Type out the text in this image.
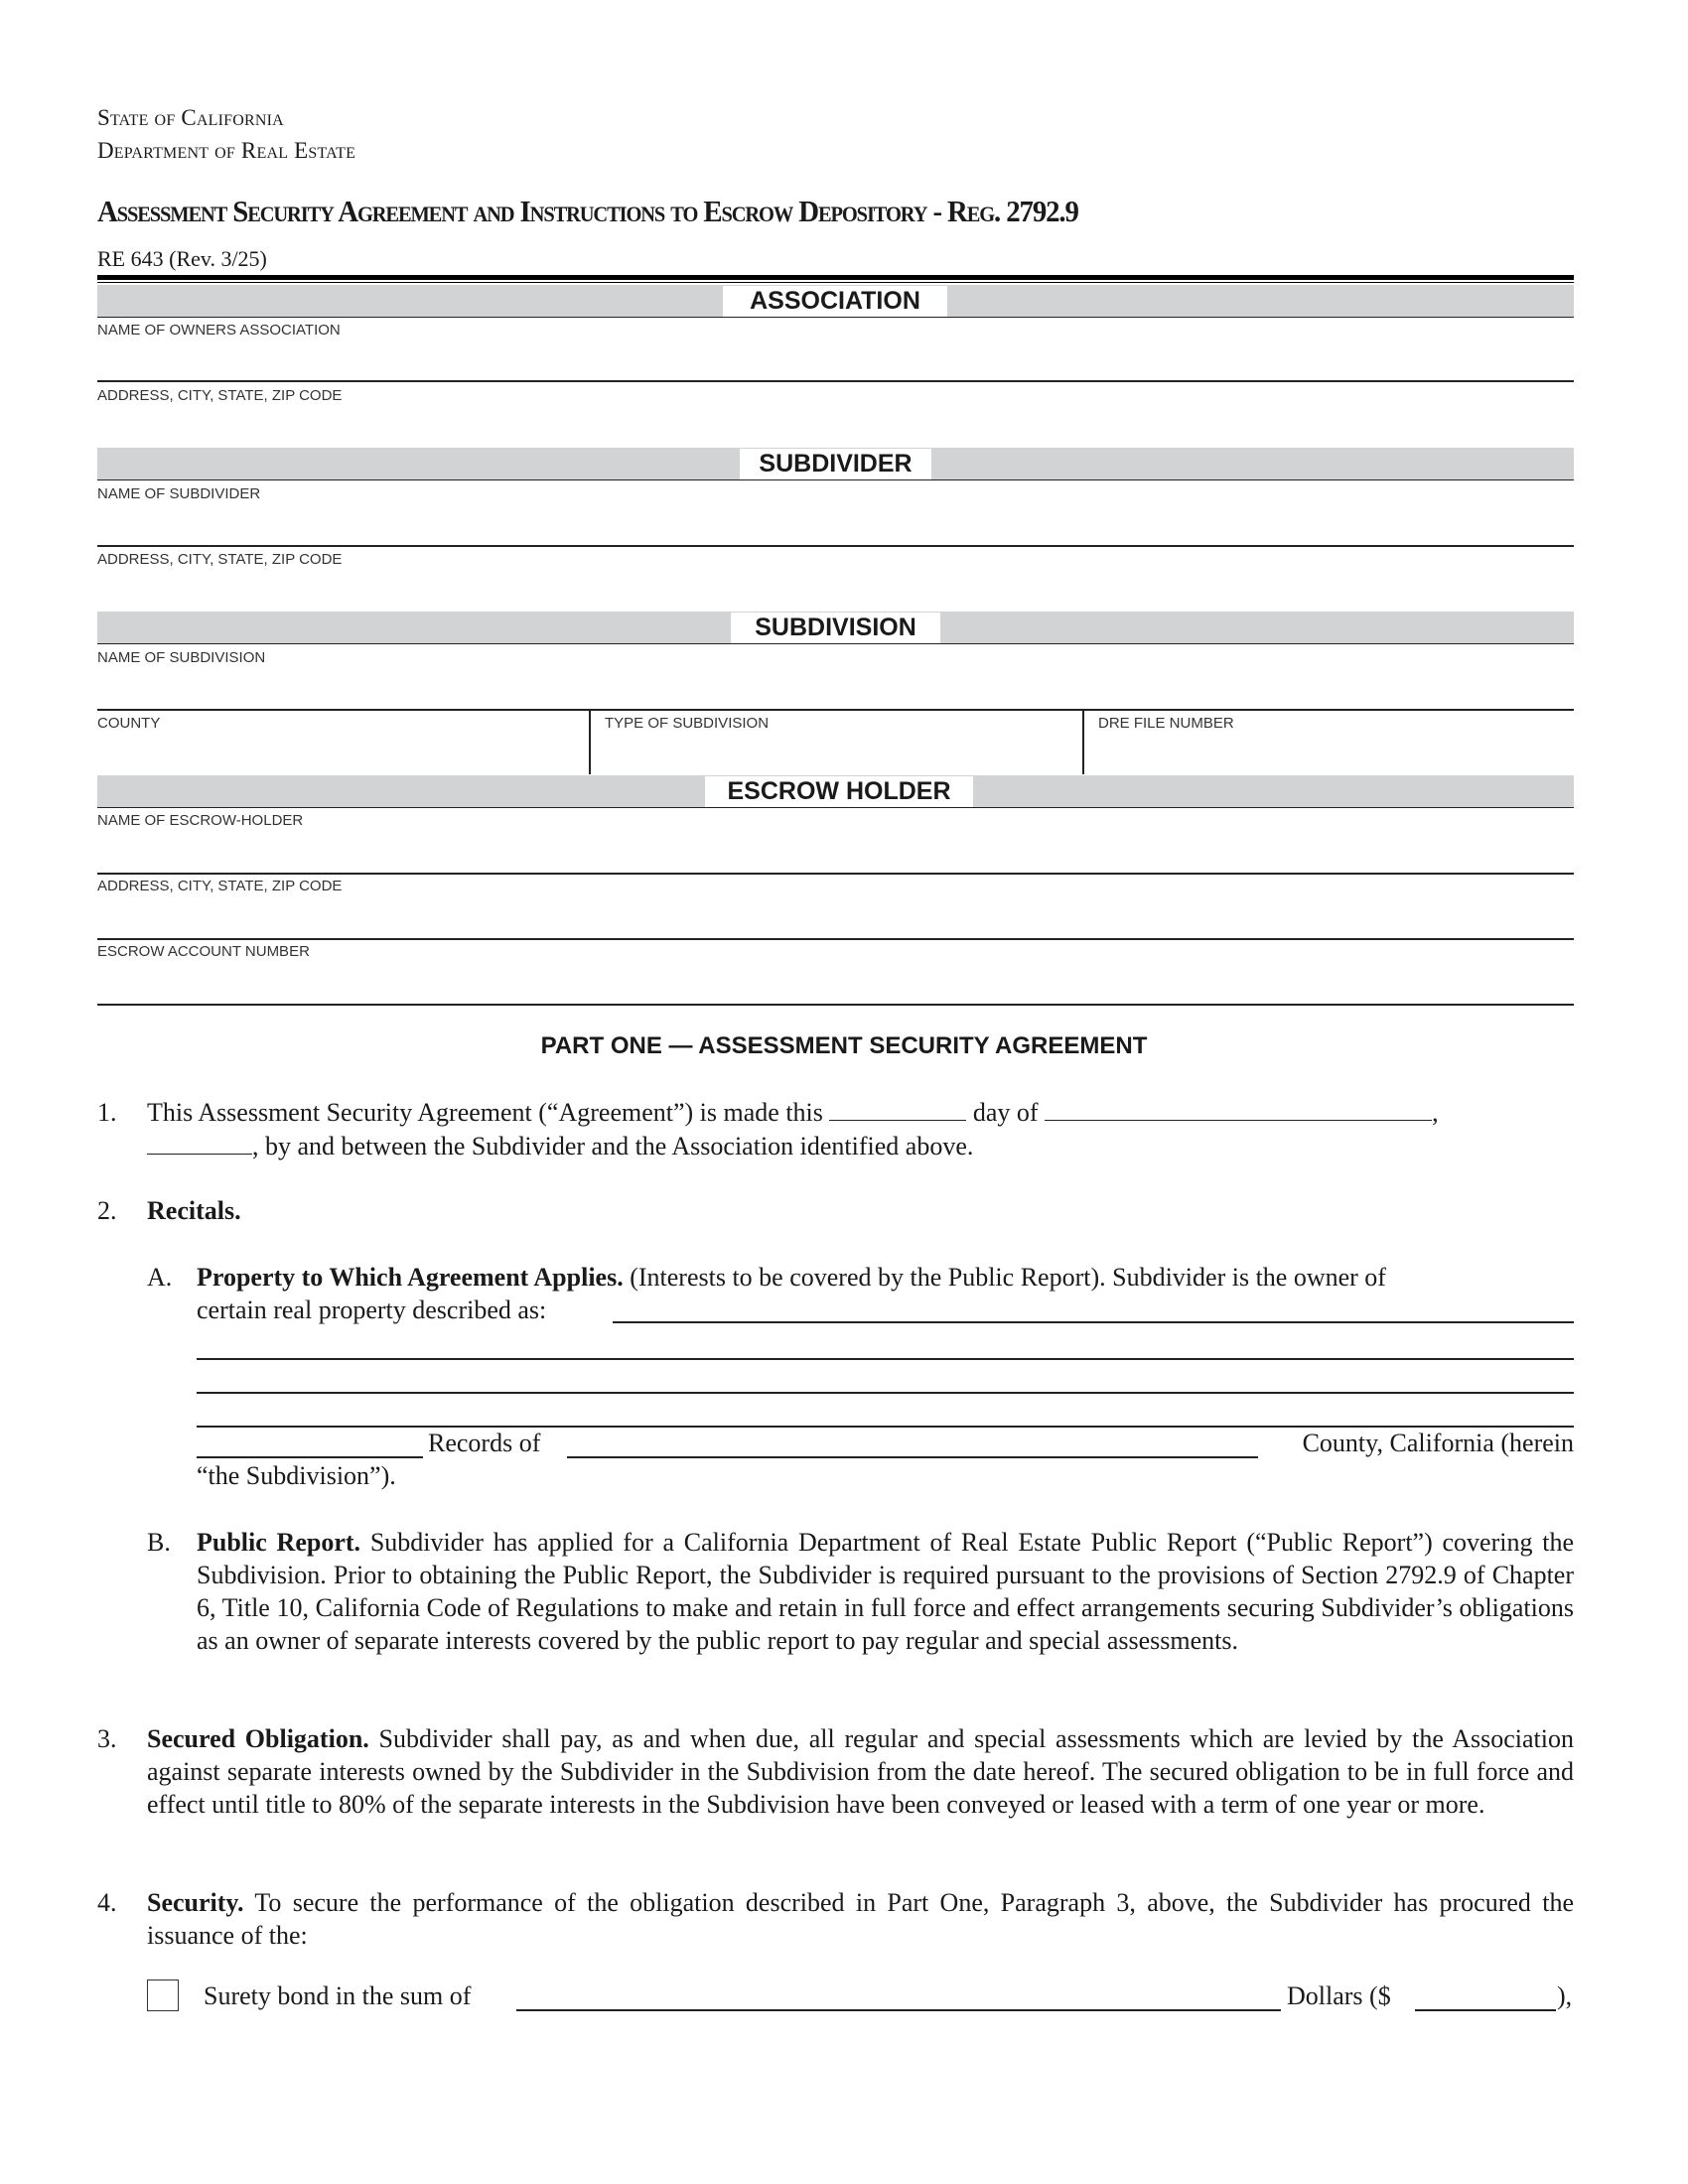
State of California
Department of Real Estate
Assessment Security Agreement and Instructions to Escrow Depository - Reg. 2792.9
RE 643 (Rev. 3/25)
ASSOCIATION
NAME OF OWNERS ASSOCIATION
ADDRESS, CITY, STATE, ZIP CODE
SUBDIVIDER
NAME OF SUBDIVIDER
ADDRESS, CITY, STATE, ZIP CODE
SUBDIVISION
NAME OF SUBDIVISION
COUNTY	TYPE OF SUBDIVISION	DRE FILE NUMBER
ESCROW HOLDER
NAME OF ESCROW-HOLDER
ADDRESS, CITY, STATE, ZIP CODE
ESCROW ACCOUNT NUMBER
PART ONE — ASSESSMENT SECURITY AGREEMENT
1. This Assessment Security Agreement (“Agreement”) is made this	day of	,
, by and between the Subdivider and the Association identified above.
2. Recitals.
A. Property to Which Agreement Applies. (Interests to be covered by the Public Report). Subdivider is the owner of
certain real property described as:
Records of	County, California (herein
“the Subdivision”).
B. Public Report. Subdivider has applied for a California Department of Real Estate Public Report (“Public Report”) covering the Subdivision. Prior to obtaining the Public Report, the Subdivider is required pursuant to the provisions of Section 2792.9 of Chapter 6, Title 10, California Code of Regulations to make and retain in full force and effect arrangements securing Subdivider’s obligations as an owner of separate interests covered by the public report to pay regular and special assessments.
3. Secured Obligation. Subdivider shall pay, as and when due, all regular and special assessments which are levied by the Association against separate interests owned by the Subdivider in the Subdivision from the date hereof. The secured obligation to be in full force and effect until title to 80% of the separate interests in the Subdivision have been conveyed or leased with a term of one year or more.
4. Security. To secure the performance of the obligation described in Part One, Paragraph 3, above, the Subdivider has procured the issuance of the:
Surety bond in the sum of	Dollars ($	),
